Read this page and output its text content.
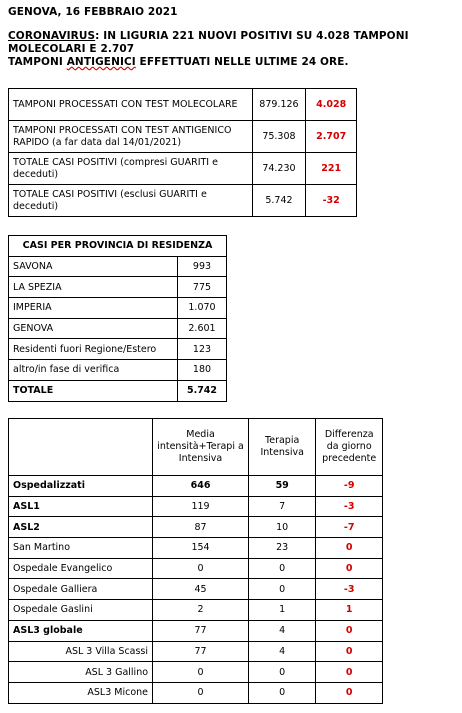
GENOVA, 16 FEBBRAIO 2021
CORONAVIRUS: IN LIGURIA 221 NUOVI POSITIVI SU 4.028 TAMPONI MOLECOLARI E 2.707
TAMPONI ANTIGENICI EFFETTUATI NELLE ULTIME 24 ORE.
TAMPONI PROCESSATI CON TEST MOLECOLARE	879.126	4.028
TAMPONI PROCESSATI CON TEST ANTIGENICO RAPIDO (a far data dal 14/01/2021)	75.308	2.707
TOTALE CASI POSITIVI (compresi GUARITI e deceduti)	74.230	221
TOTALE CASI POSITIVI (esclusi GUARITI e deceduti)	5.742	-32
CASI PER PROVINCIA DI RESIDENZA	
SAVONA	993
LA SPEZIA	775
IMPERIA	1.070
GENOVA	2.601
Residenti fuori Regione/Estero	123
altro/in fase di verifica	180
TOTALE	5.742
	Media intensità+Terapi a Intensiva	Terapia Intensiva	Differenza da giorno precedente
Ospedalizzati	646	59	-9
ASL1	119	7	-3
ASL2	87	10	-7
San Martino	154	23	0
Ospedale Evangelico	0	0	0
Ospedale Galliera	45	0	-3
Ospedale Gaslini	2	1	1
ASL3 globale	77	4	0
ASL 3 Villa Scassi	77	4	0
ASL 3 Gallino	0	0	0
ASL3 Micone	0	0	0
